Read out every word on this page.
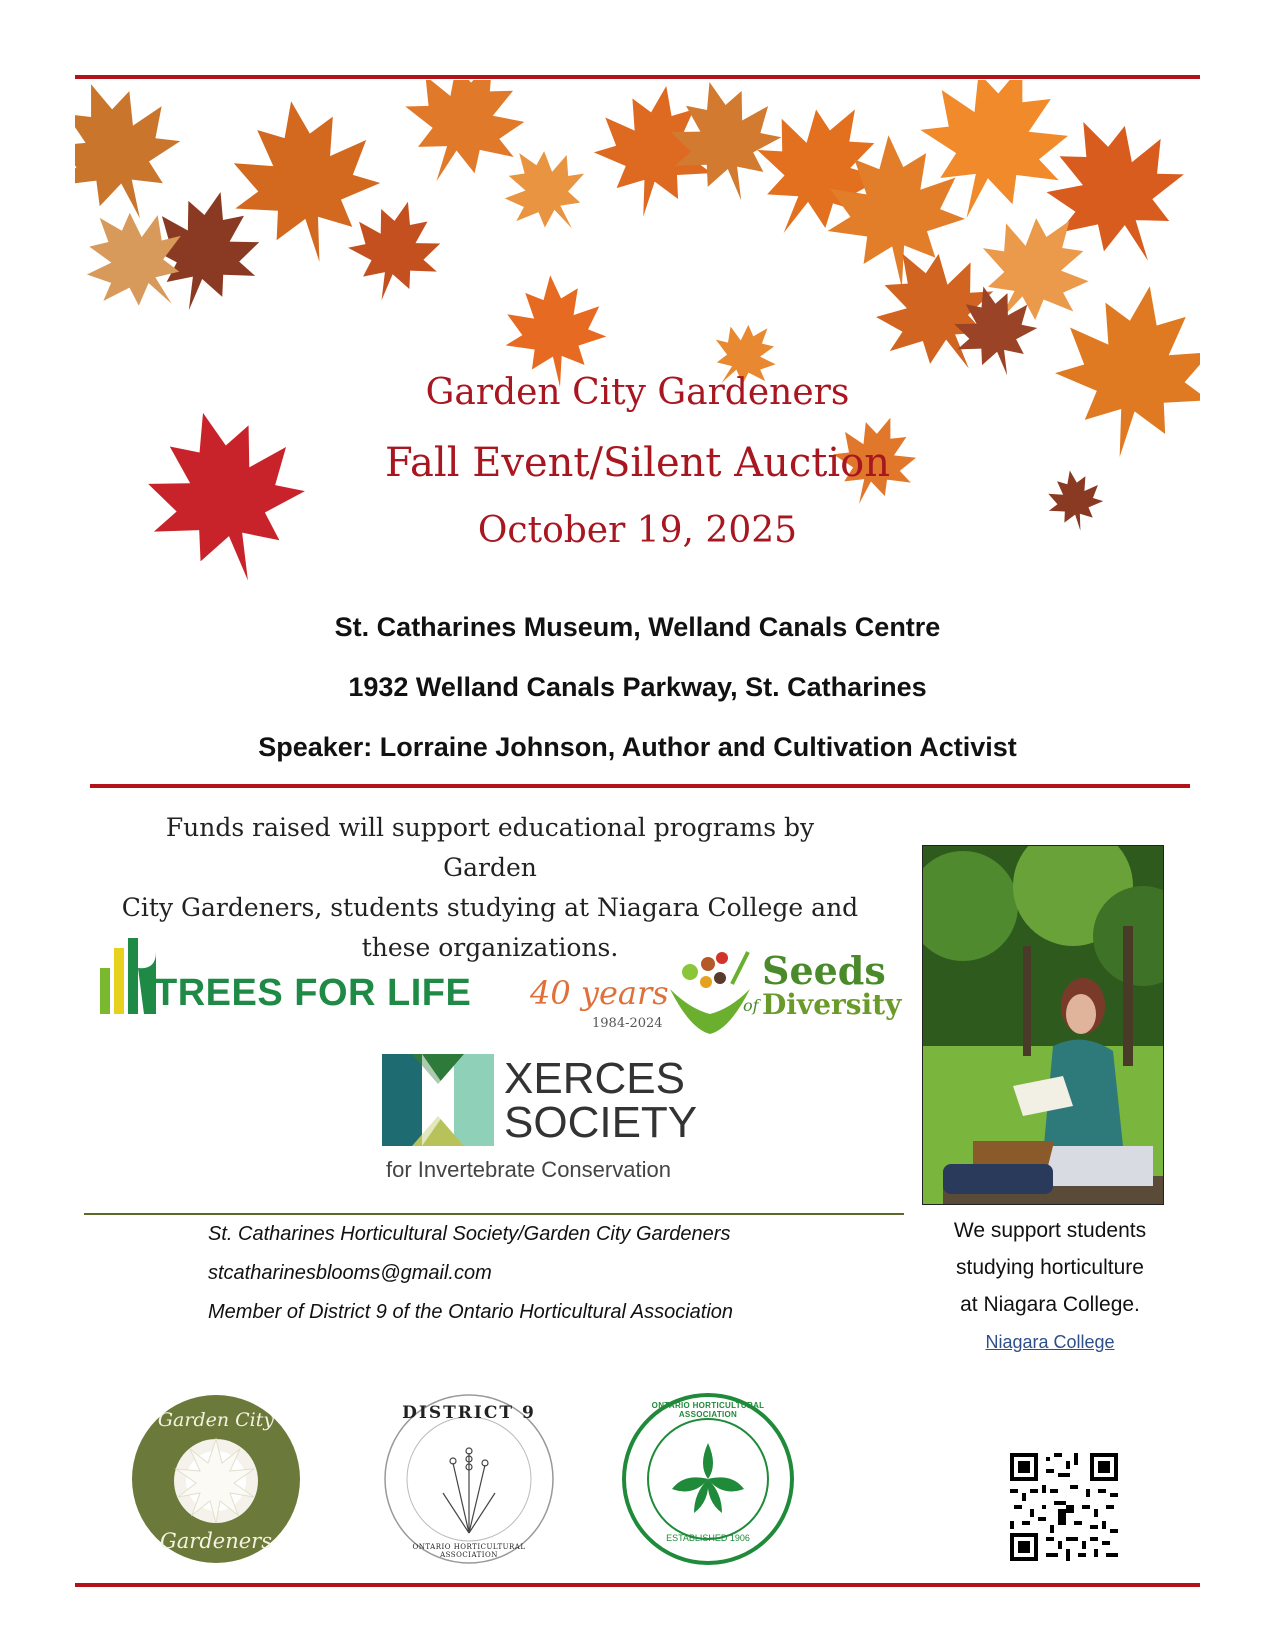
Garden City Gardeners
Fall Event/Silent Auction
October 19, 2025
St. Catharines Museum, Welland Canals Centre
1932 Welland Canals Parkway, St. Catharines
Speaker: Lorraine Johnson, Author and Cultivation Activist
Funds raised will support educational programs by Garden
City Gardeners, students studying at Niagara College and
these organizations.
TREES FOR LIFE 40 years
1984-2024
Seeds
of Diversity
XERCES
SOCIETY
for Invertebrate Conservation
We support students
studying horticulture
at Niagara College.
Niagara College
St. Catharines Horticultural Society/Garden City Gardeners
stcatharinesblooms@gmail.com
Member of District 9 of the Ontario Horticultural Association
Garden City
Gardeners
DISTRICT 9
ONTARIO HORTICULTURAL ASSOCIATION
ONTARIO HORTICULTURAL ASSOCIATION
ESTABLISHED 1906
